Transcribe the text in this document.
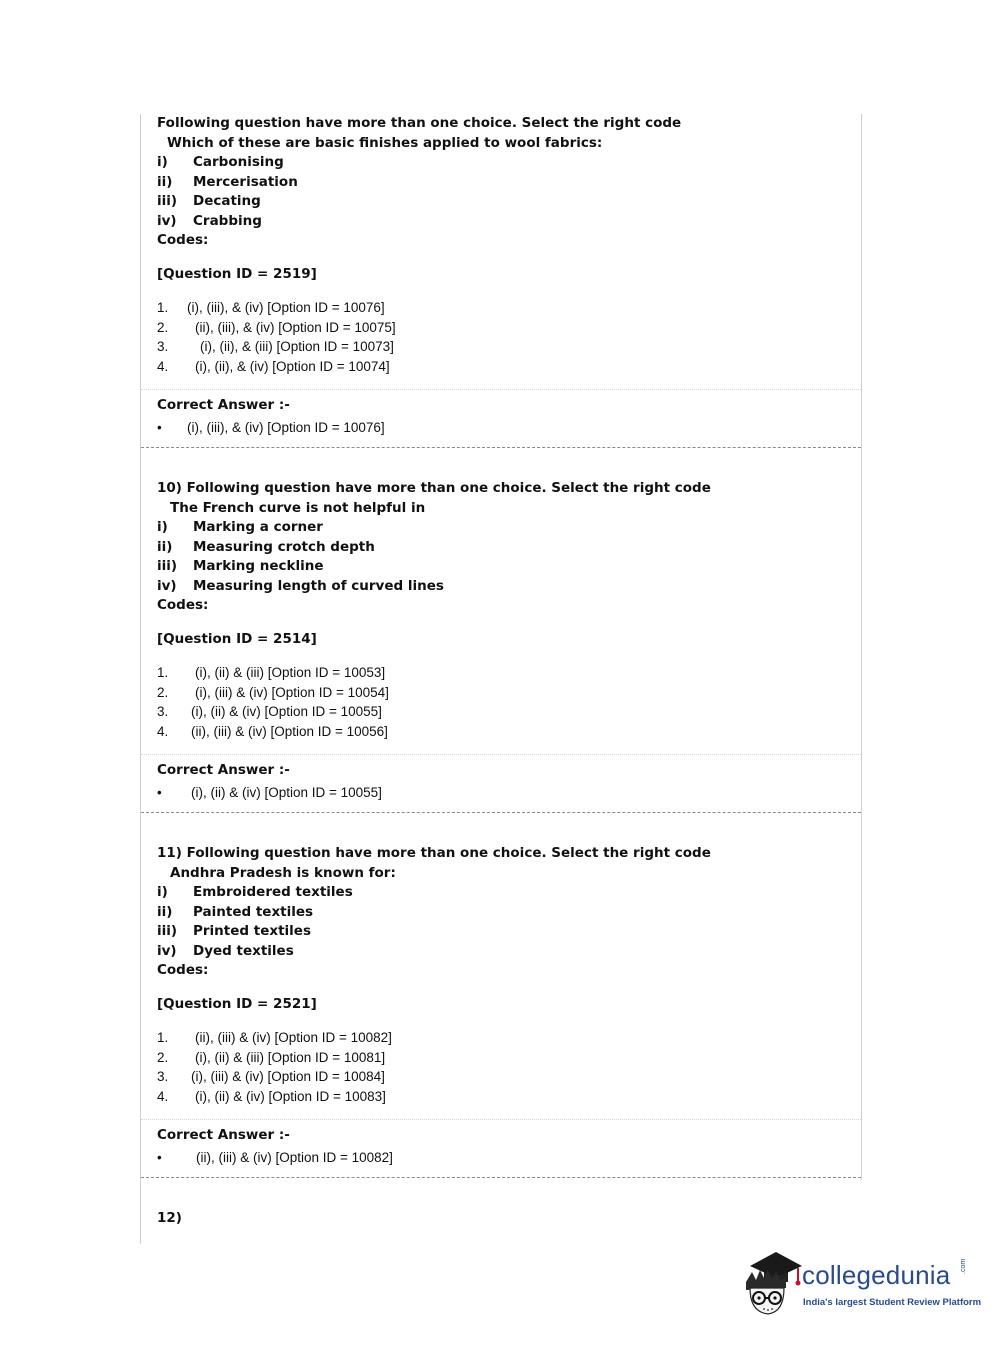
Following question have more than one choice. Select the right code
Which of these are basic finishes applied to wool fabrics:
i) Carbonising
ii) Mercerisation
iii) Decating
iv) Crabbing
Codes:
[Question ID = 2519]
1. (i), (iii), & (iv) [Option ID = 10076]
2. (ii), (iii), & (iv) [Option ID = 10075]
3. (i), (ii), & (iii) [Option ID = 10073]
4. (i), (ii), & (iv) [Option ID = 10074]
Correct Answer :-
• (i), (iii), & (iv) [Option ID = 10076]
10) Following question have more than one choice. Select the right code
The French curve is not helpful in
i) Marking a corner
ii) Measuring crotch depth
iii) Marking neckline
iv) Measuring length of curved lines
Codes:
[Question ID = 2514]
1. (i), (ii) & (iii) [Option ID = 10053]
2. (i), (iii) & (iv) [Option ID = 10054]
3. (i), (ii) & (iv) [Option ID = 10055]
4. (ii), (iii) & (iv) [Option ID = 10056]
Correct Answer :-
• (i), (ii) & (iv) [Option ID = 10055]
11) Following question have more than one choice. Select the right code
Andhra Pradesh is known for:
i) Embroidered textiles
ii) Painted textiles
iii) Printed textiles
iv) Dyed textiles
Codes:
[Question ID = 2521]
1. (ii), (iii) & (iv) [Option ID = 10082]
2. (i), (ii) & (iii) [Option ID = 10081]
3. (i), (iii) & (iv) [Option ID = 10084]
4. (i), (ii) & (iv) [Option ID = 10083]
Correct Answer :-
•	(ii), (iii) & (iv) [Option ID = 10082]
12)
collegedunia .com
India's largest Student Review Platform
